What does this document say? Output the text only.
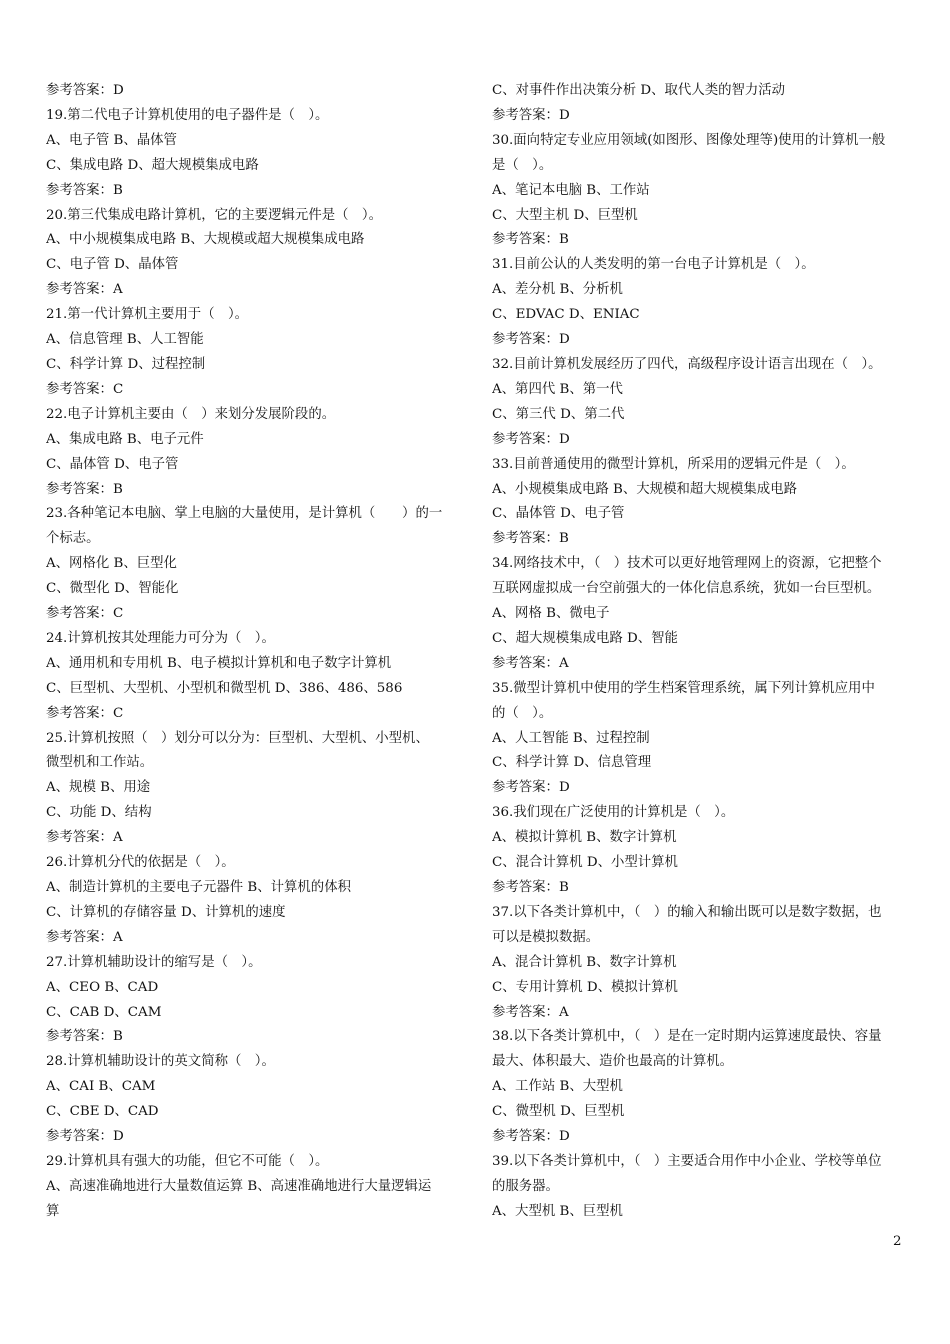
参考答案：D
19.第二代电子计算机使用的电子器件是（　）。
A、电子管 B、晶体管
C、集成电路 D、超大规模集成电路
参考答案：B
20.第三代集成电路计算机，它的主要逻辑元件是（　）。
A、中小规模集成电路 B、大规模或超大规模集成电路
C、电子管 D、晶体管
参考答案：A
21.第一代计算机主要用于（　）。
A、信息管理 B、人工智能
C、科学计算 D、过程控制
参考答案：C
22.电子计算机主要由（　）来划分发展阶段的。
A、集成电路 B、电子元件
C、晶体管 D、电子管
参考答案：B
23.各种笔记本电脑、掌上电脑的大量使用，是计算机（　　）的一
个标志。
A、网格化 B、巨型化
C、微型化 D、智能化
参考答案：C
24.计算机按其处理能力可分为（　）。
A、通用机和专用机 B、电子模拟计算机和电子数字计算机
C、巨型机、大型机、小型机和微型机 D、386、486、586
参考答案：C
25.计算机按照（　）划分可以分为：巨型机、大型机、小型机、
微型机和工作站。
A、规模 B、用途
C、功能 D、结构
参考答案：A
26.计算机分代的依据是（　）。
A、制造计算机的主要电子元器件 B、计算机的体积
C、计算机的存储容量 D、计算机的速度
参考答案：A
27.计算机辅助设计的缩写是（　）。
A、CEO B、CAD
C、CAB D、CAM
参考答案：B
28.计算机辅助设计的英文简称（　）。
A、CAI B、CAM
C、CBE D、CAD
参考答案：D
29.计算机具有强大的功能，但它不可能（　）。
A、高速准确地进行大量数值运算 B、高速准确地进行大量逻辑运
算
C、对事件作出决策分析 D、取代人类的智力活动
参考答案：D
30.面向特定专业应用领域(如图形、图像处理等)使用的计算机一般
是（　）。
A、笔记本电脑 B、工作站
C、大型主机 D、巨型机
参考答案：B
31.目前公认的人类发明的第一台电子计算机是（　）。
A、差分机 B、分析机
C、EDVAC D、ENIAC
参考答案：D
32.目前计算机发展经历了四代，高级程序设计语言出现在（　）。
A、第四代 B、第一代
C、第三代 D、第二代
参考答案：D
33.目前普通使用的微型计算机，所采用的逻辑元件是（　）。
A、小规模集成电路 B、大规模和超大规模集成电路
C、晶体管 D、电子管
参考答案：B
34.网络技术中，（　）技术可以更好地管理网上的资源，它把整个
互联网虚拟成一台空前强大的一体化信息系统，犹如一台巨型机。
A、网格 B、微电子
C、超大规模集成电路 D、智能
参考答案：A
35.微型计算机中使用的学生档案管理系统，属下列计算机应用中
的（　）。
A、人工智能 B、过程控制
C、科学计算 D、信息管理
参考答案：D
36.我们现在广泛使用的计算机是（　）。
A、模拟计算机 B、数字计算机
C、混合计算机 D、小型计算机
参考答案：B
37.以下各类计算机中，（　）的输入和输出既可以是数字数据，也
可以是模拟数据。
A、混合计算机 B、数字计算机
C、专用计算机 D、模拟计算机
参考答案：A
38.以下各类计算机中，（　）是在一定时期内运算速度最快、容量
最大、体积最大、造价也最高的计算机。
A、工作站 B、大型机
C、微型机 D、巨型机
参考答案：D
39.以下各类计算机中，（　）主要适合用作中小企业、学校等单位
的服务器。
A、大型机 B、巨型机
2
